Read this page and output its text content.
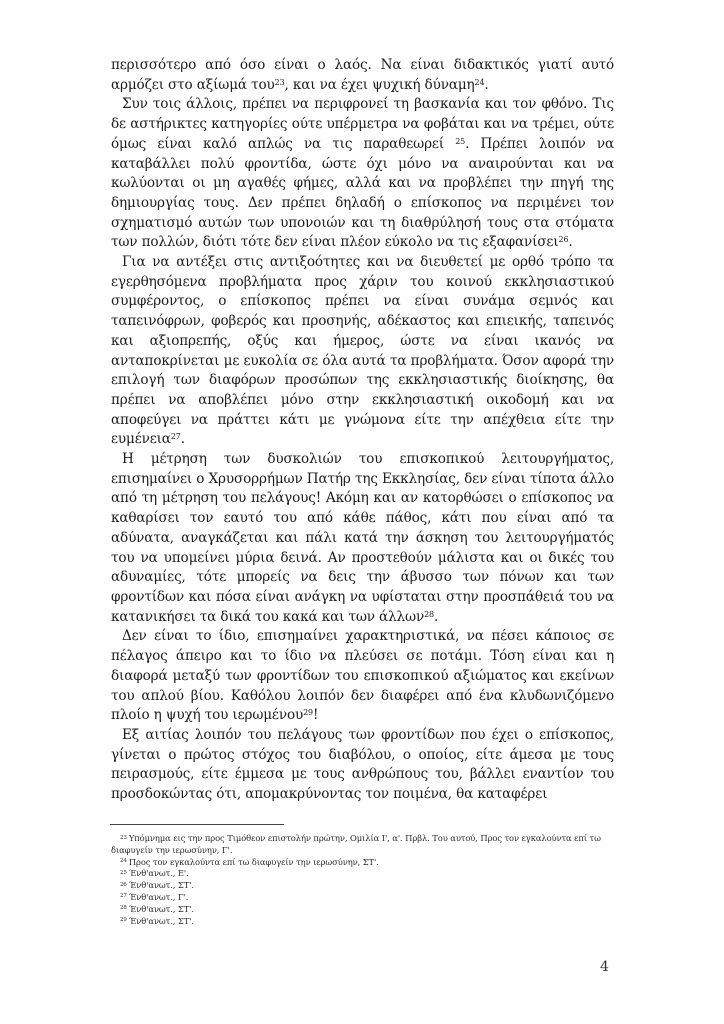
περισσότερο από όσο είναι ο λαός. Να είναι διδακτικός γιατί αυτό αρμόζει στο αξίωμά του$^{23}$, και να έχει ψυχική δύναμη$^{24}$.

Συν τοις άλλοις, πρέπει να περιφρονεί τη βασκανία και τον φθόνο. Τις δε αστήρικτες κατηγορίες ούτε υπέρμετρα να φοβάται και να τρέμει, ούτε όμως είναι καλό απλώς να τις παραθεωρεί $^{25}$. Πρέπει λοιπόν να καταβάλλει πολύ φροντίδα, ώστε όχι μόνο να αναιρούνται και να κωλύονται οι μη αγαθές φήμες, αλλά και να προβλέπει την πηγή της δημιουργίας τους. Δεν πρέπει δηλαδή ο επίσκοπος να περιμένει τον σχηματισμό αυτών των υπονοιών και τη διαθρύλησή τους στα στόματα των πολλών, διότι τότε δεν είναι πλέον εύκολο να τις εξαφανίσει$^{26}$.

Για να αντέξει στις αντιξοότητες και να διευθετεί με ορθό τρόπο τα εγερθησόμενα προβλήματα προς χάριν του κοινού εκκλησιαστικού συμφέροντος, ο επίσκοπος πρέπει να είναι συνάμα σεμνός και ταπεινόφρων, φοβερός και προσηνής, αδέκαστος και επιεικής, ταπεινός και αξιοπρεπής, οξύς και ήμερος, ώστε να είναι ικανός να ανταποκρίνεται με ευκολία σε όλα αυτά τα προβλήματα. Όσον αφορά την επιλογή των διαφόρων προσώπων της εκκλησιαστικής διοίκησης, θα πρέπει να αποβλέπει μόνο στην εκκλησιαστική οικοδομή και να αποφεύγει να πράττει κάτι με γνώμονα είτε την απέχθεια είτε την ευμένεια$^{27}$.

Η μέτρηση των δυσκολιών του επισκοπικού λειτουργήματος, επισημαίνει ο Χρυσορρήμων Πατήρ της Εκκλησίας, δεν είναι τίποτα άλλο από τη μέτρηση του πελάγους! Ακόμη και αν κατορθώσει ο επίσκοπος να καθαρίσει τον εαυτό του από κάθε πάθος, κάτι που είναι από τα αδύνατα, αναγκάζεται και πάλι κατά την άσκηση του λειτουργήματός του να υπομείνει μύρια δεινά. Αν προστεθούν μάλιστα και οι δικές του αδυναμίες, τότε μπορείς να δεις την άβυσσο των πόνων και των φροντίδων και πόσα είναι ανάγκη να υφίσταται στην προσπάθειά του να κατανικήσει τα δικά του κακά και των άλλων$^{28}$.

Δεν είναι το ίδιο, επισημαίνει χαρακτηριστικά, να πέσει κάποιος σε πέλαγος άπειρο και το ίδιο να πλεύσει σε ποτάμι. Τόση είναι και η διαφορά μεταξύ των φροντίδων του επισκοπικού αξιώματος και εκείνων του απλού βίου. Καθόλου λοιπόν δεν διαφέρει από ένα κλυδωνιζόμενο πλοίο η ψυχή του ιερωμένου$^{29}$!

Εξ αιτίας λοιπόν του πελάγους των φροντίδων που έχει ο επίσκοπος, γίνεται ο πρώτος στόχος του διαβόλου, ο οποίος, είτε άμεσα με τους πειρασμούς, είτε έμμεσα με τους ανθρώπους του, βάλλει εναντίον του προσδοκώντας ότι, απομακρύνοντας τον ποιμένα, θα καταφέρει

$^{23}$ Υπόμνημα εις την προς Τιμόθεον επιστολήν πρώτην, Ομιλία Ι', α'. Πρβλ. Του αυτού, Προς τον εγκαλούντα επί τω διαφυγείν την ιερωσύνην, Γ'.

$^{24}$ Προς τον εγκαλούντα επί τω διαφυγείν την ιερωσύνην, ΣΤ'.

$^{25}$ Ένθ'ανωτ., Ε'.

$^{26}$ Ένθ'ανωτ., ΣΤ'.

$^{27}$ Ένθ'ανωτ., Γ'.

$^{28}$ Ένθ'ανωτ., ΣΤ'.

$^{29}$ Ένθ'ανωτ., ΣΤ'.

4
